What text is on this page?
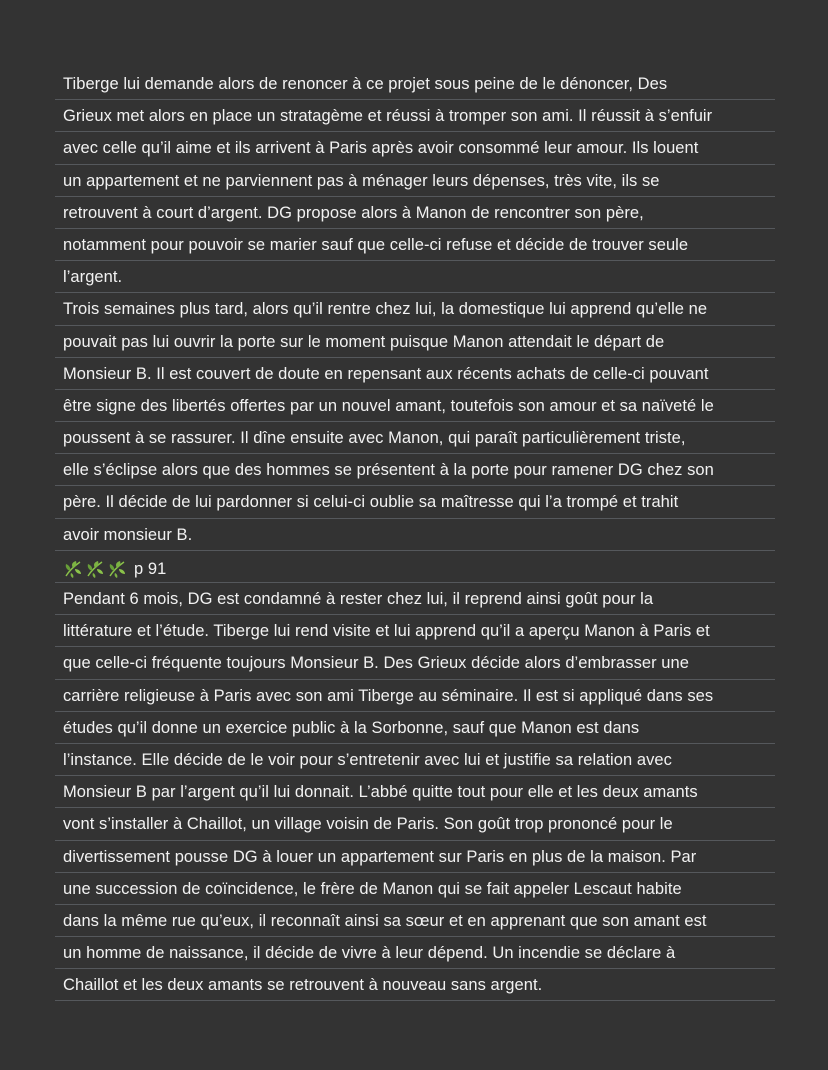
Tiberge lui demande alors de renoncer à ce projet sous peine de le dénoncer, Des
Grieux met alors en place un stratagème et réussi à tromper son ami. Il réussit à s’enfuir
avec celle qu’il aime et ils arrivent à Paris après avoir consommé leur amour. Ils louent
un appartement et ne parviennent pas à ménager leurs dépenses, très vite, ils se
retrouvent à court d’argent. DG propose alors à Manon de rencontrer son père,
notamment pour pouvoir se marier sauf que celle-ci refuse et décide de trouver seule
l’argent.
Trois semaines plus tard, alors qu’il rentre chez lui, la domestique lui apprend qu’elle ne
pouvait pas lui ouvrir la porte sur le moment puisque Manon attendait le départ de
Monsieur B. Il est couvert de doute en repensant aux récents achats de celle-ci pouvant
être signe des libertés offertes par un nouvel amant, toutefois son amour et sa naïveté le
poussent à se rassurer. Il dîne ensuite avec Manon, qui paraît particulièrement triste,
elle s’éclipse alors que des hommes se présentent à la porte pour ramener DG chez son
père. Il décide de lui pardonner si celui-ci oublie sa maîtresse qui l’a trompé et trahit
avoir monsieur B.
p 91
Pendant 6 mois, DG est condamné à rester chez lui, il reprend ainsi goût pour la
littérature et l’étude. Tiberge lui rend visite et lui apprend qu’il a aperçu Manon à Paris et
que celle-ci fréquente toujours Monsieur B. Des Grieux décide alors d’embrasser une
carrière religieuse à Paris avec son ami Tiberge au séminaire. Il est si appliqué dans ses
études qu’il donne un exercice public à la Sorbonne, sauf que Manon est dans
l’instance. Elle décide de le voir pour s’entretenir avec lui et justifie sa relation avec
Monsieur B par l’argent qu’il lui donnait. L’abbé quitte tout pour elle et les deux amants
vont s’installer à Chaillot, un village voisin de Paris. Son goût trop prononcé pour le
divertissement pousse DG à louer un appartement sur Paris en plus de la maison. Par
une succession de coïncidence, le frère de Manon qui se fait appeler Lescaut habite
dans la même rue qu’eux, il reconnaît ainsi sa sœur et en apprenant que son amant est
un homme de naissance, il décide de vivre à leur dépend. Un incendie se déclare à
Chaillot et les deux amants se retrouvent à nouveau sans argent.
